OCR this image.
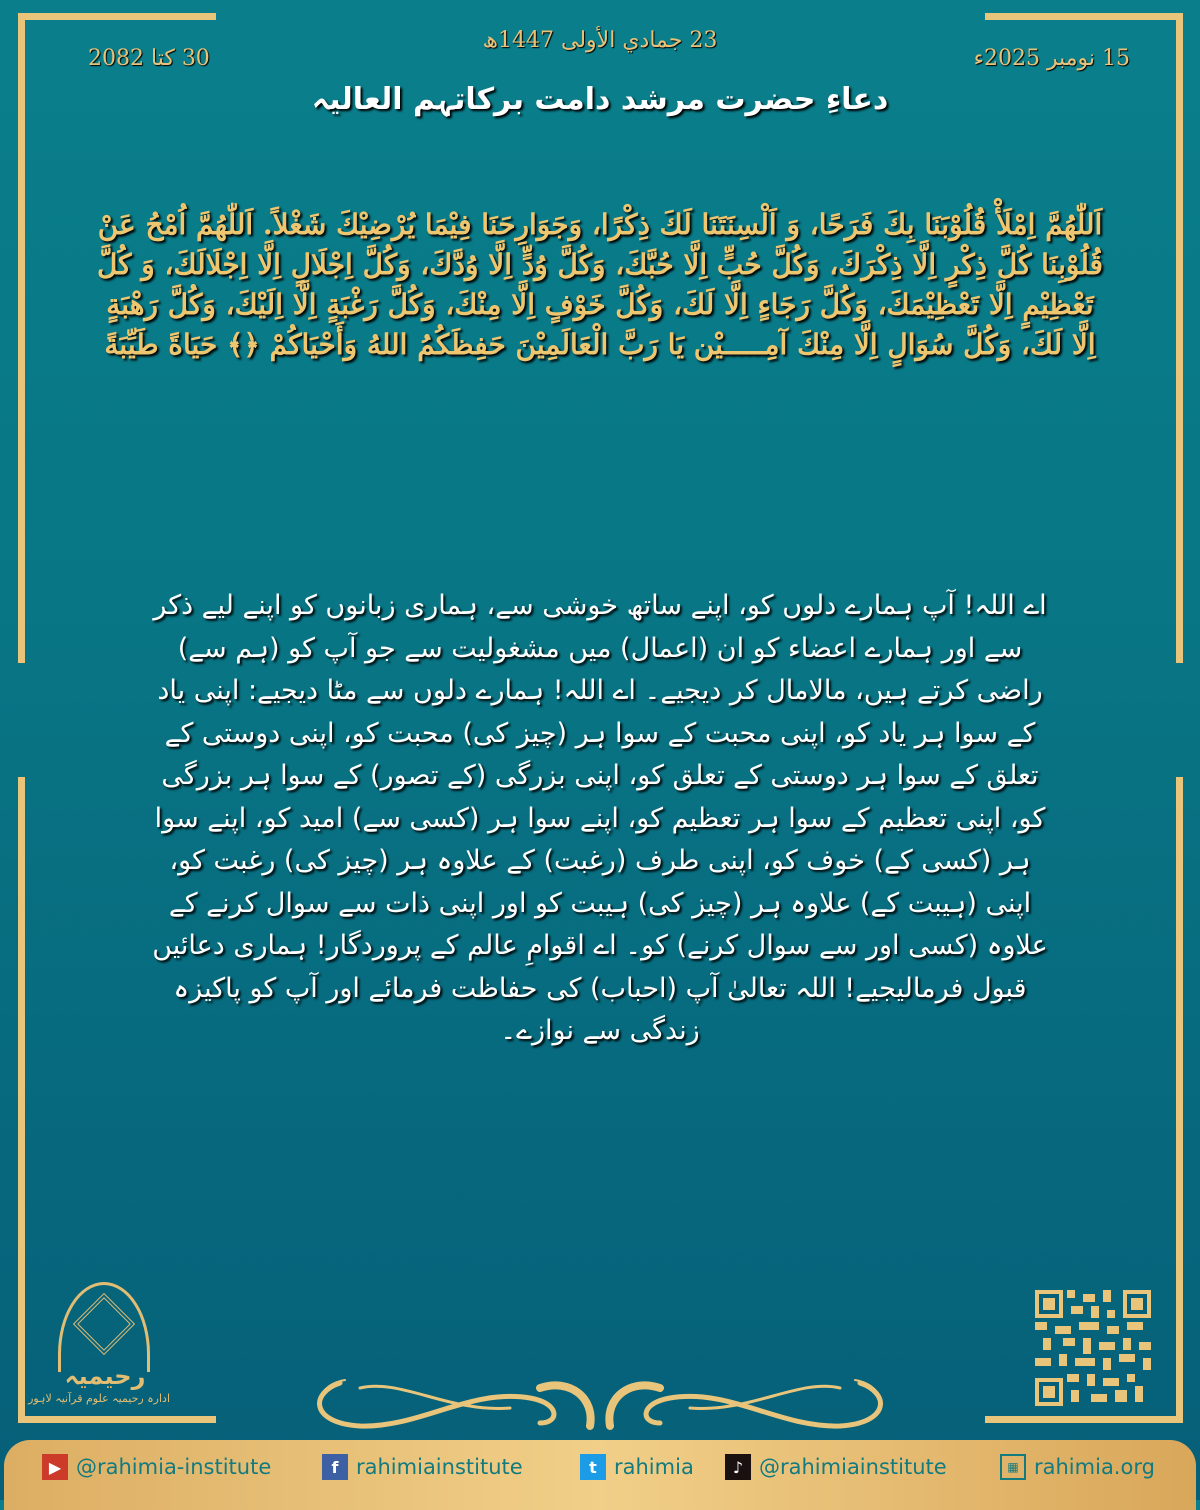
23 جمادي الأولى 1447ھ
15 نومبر 2025ء
30 کتا 2082
دعاءِ حضرت مرشد دامت برکاتہم العالیہ
اَللّٰهُمَّ اِمْلَأْ قُلُوْبَنَا بِكَ فَرَحًا، وَ اَلْسِنَتَنَا لَكَ ذِكْرًا، وَجَوَارِحَنَا فِيْمَا يُرْضِيْكَ شَغْلاً. اَللّٰهُمَّ اُمْحُ عَنْ قُلُوْبِنَا كُلَّ ذِكْرٍ اِلَّا ذِكْرَكَ، وَكُلَّ حُبٍّ اِلَّا حُبَّكَ، وَكُلَّ وُدٍّ اِلَّا وُدَّكَ، وَكُلَّ اِجْلَالٍ اِلَّا اِجْلَالَكَ، وَ كُلَّ تَعْظِيْمٍ اِلَّا تَعْظِيْمَكَ، وَكُلَّ رَجَاءٍ اِلَّا لَكَ، وَكُلَّ خَوْفٍ اِلَّا مِنْكَ، وَكُلَّ رَغْبَةٍ اِلَّا اِلَيْكَ، وَكُلَّ رَهْبَةٍ اِلَّا لَكَ، وَكُلَّ سُوَالٍ اِلَّا مِنْكَ آمِـــــيْن يَا رَبَّ الْعَالَمِيْنَ حَفِظَكُمُ اللهُ وَأَحْيَاكُمْ ﴿﴾ حَيَاةً طَيِّبَةً
اے اللہ! آپ ہمارے دلوں کو، اپنے ساتھ خوشی سے، ہماری زبانوں کو اپنے لیے ذکر سے اور ہمارے اعضاء کو ان (اعمال) میں مشغولیت سے جو آپ کو (ہم سے) راضی کرتے ہیں، مالامال کر دیجیے۔ اے اللہ! ہمارے دلوں سے مٹا دیجیے: اپنی یاد کے سوا ہر یاد کو، اپنی محبت کے سوا ہر (چیز کی) محبت کو، اپنی دوستی کے تعلق کے سوا ہر دوستی کے تعلق کو، اپنی بزرگی (کے تصور) کے سوا ہر بزرگی کو، اپنی تعظیم کے سوا ہر تعظیم کو، اپنے سوا ہر (کسی سے) امید کو، اپنے سوا ہر (کسی کے) خوف کو، اپنی طرف (رغبت) کے علاوہ ہر (چیز کی) رغبت کو، اپنی (ہیبت کے) علاوہ ہر (چیز کی) ہیبت کو اور اپنی ذات سے سوال کرنے کے علاوہ (کسی اور سے سوال کرنے) کو۔ اے اقوامِ عالم کے پروردگار! ہماری دعائیں قبول فرمالیجیے! اللہ تعالیٰ آپ (احباب) کی حفاظت فرمائے اور آپ کو پاکیزہ زندگی سے نوازے۔
رحیمیہ
ادارہ رحیمیہ علوم قرآنیہ لاہور
▶ @rahimia-institute	f rahimiainstitute	t rahimia	♪ @rahimiainstitute	▦ rahimia.org
